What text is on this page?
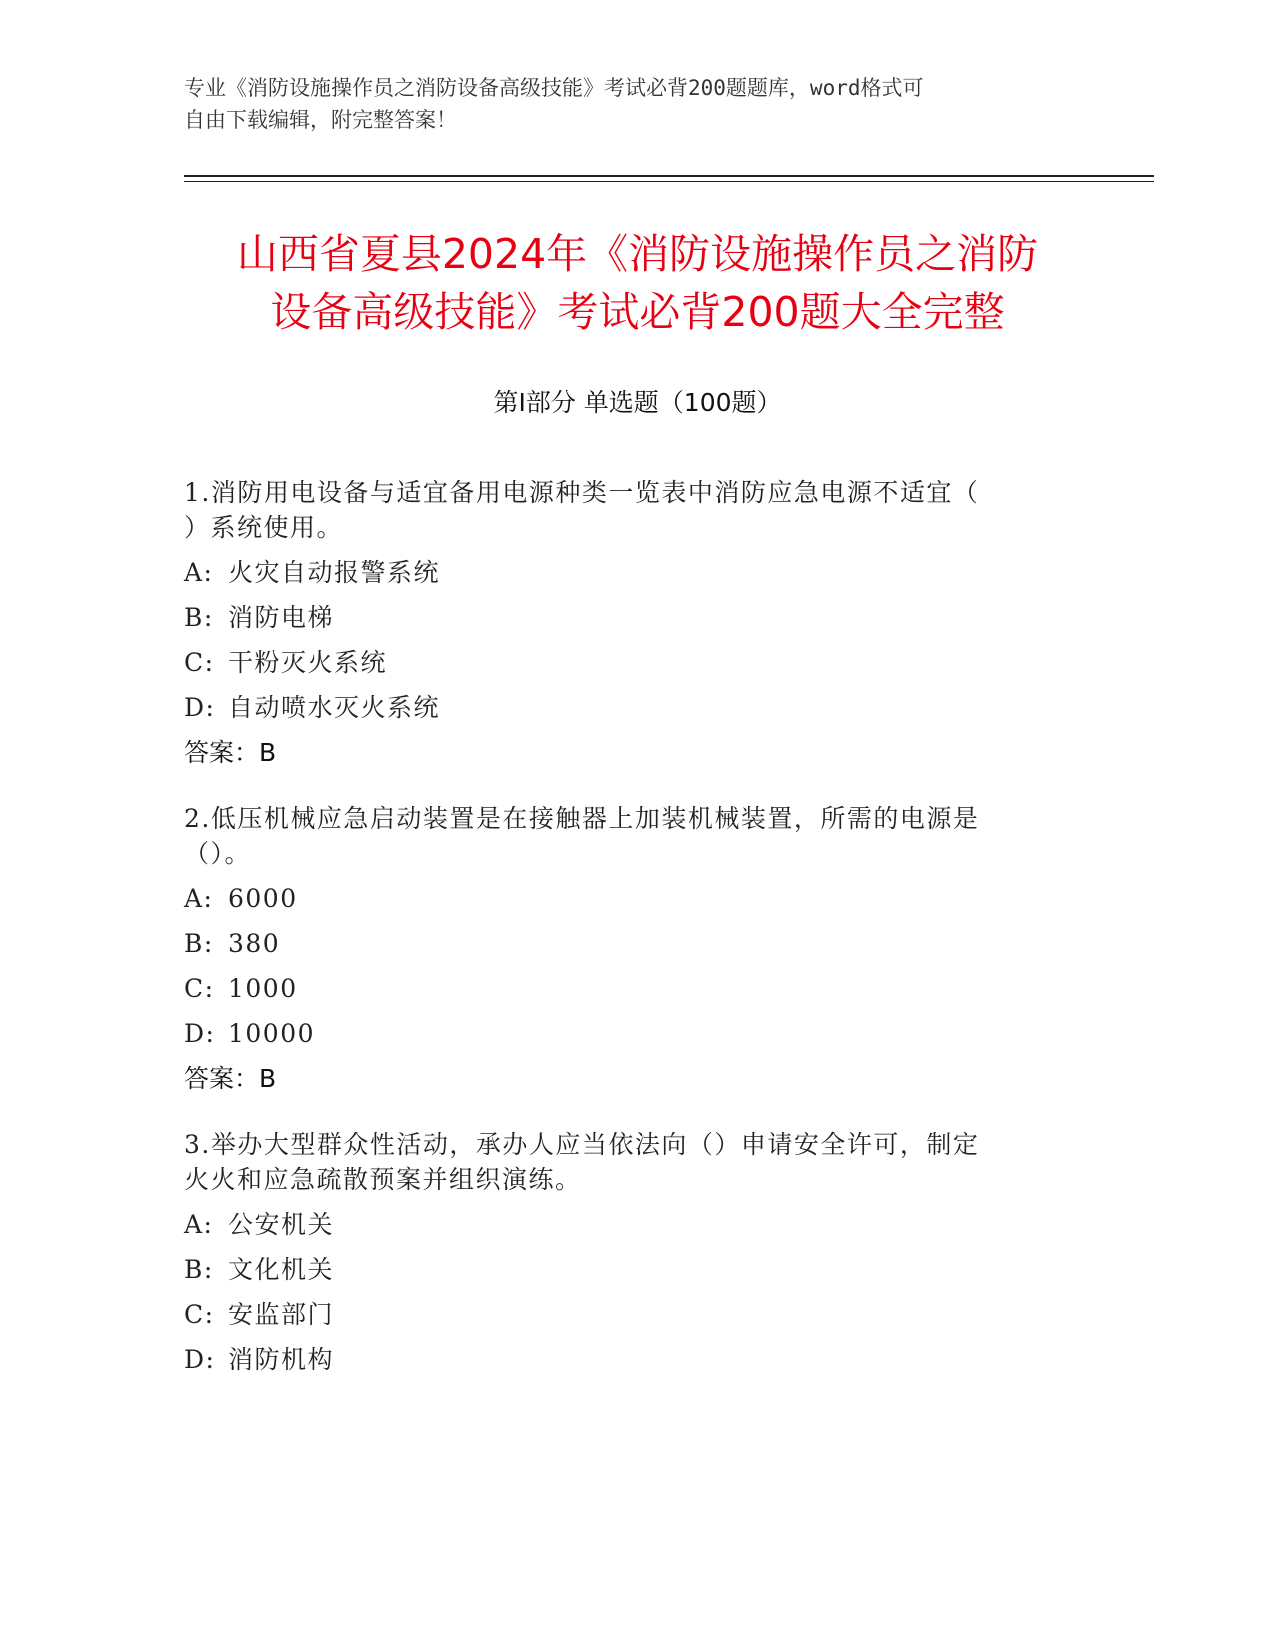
专业《消防设施操作员之消防设备高级技能》考试必背200题题库，word格式可
自由下载编辑，附完整答案！
山西省夏县2024年《消防设施操作员之消防
设备高级技能》考试必背200题大全完整
第I部分 单选题（100题）
1.消防用电设备与适宜备用电源种类一览表中消防应急电源不适宜（
）系统使用。
A: 火灾自动报警系统
B: 消防电梯
C: 干粉灭火系统
D: 自动喷水灭火系统
答案：B
2.低压机械应急启动装置是在接触器上加装机械装置，所需的电源是
（）。
A: 6000
B: 380
C: 1000
D: 10000
答案：B
3.举办大型群众性活动，承办人应当依法向（）申请安全许可，制定
火火和应急疏散预案并组织演练。
A: 公安机关
B: 文化机关
C: 安监部门
D: 消防机构
